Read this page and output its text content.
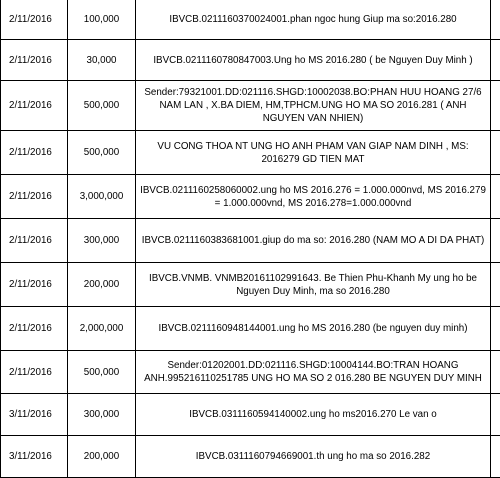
2/11/2016	100,000	IBVCB.0211160370024001.phan ngoc hung Giup ma so:2016.280	
2/11/2016	30,000	IBVCB.0211160780847003.Ung ho MS 2016.280 ( be Nguyen Duy Minh )	
2/11/2016	500,000	Sender:79321001.DD:021116.SHGD:10002038.BO:PHAN HUU HOANG 27/6 NAM LAN , X.BA DIEM, HM,TPHCM.UNG HO MA SO 2016.281 ( ANH NGUYEN VAN NHIEN)	
2/11/2016	500,000	VU CONG THOA NT UNG HO ANH PHAM VAN GIAP NAM DINH , MS: 2016279 GD TIEN MAT	
2/11/2016	3,000,000	IBVCB.0211160258060002.ung ho MS 2016.276 = 1.000.000nvd, MS 2016.279 = 1.000.000vnd, MS 2016.278=1.000.000vnd	
2/11/2016	300,000	IBVCB.0211160383681001.giup do ma so: 2016.280 (NAM MO A DI DA PHAT)	
2/11/2016	200,000	IBVCB.VNMB. VNMB20161102991643. Be Thien Phu-Khanh My ung ho be Nguyen Duy Minh, ma so 2016.280	
2/11/2016	2,000,000	IBVCB.0211160948144001.ung ho MS 2016.280 (be nguyen duy minh)	
2/11/2016	500,000	Sender:01202001.DD:021116.SHGD:10004144.BO:TRAN HOANG ANH.995216110251785 UNG HO MA SO 2 016.280 BE NGUYEN DUY MINH	
3/11/2016	300,000	IBVCB.0311160594140002.ung ho ms2016.270 Le van o	
3/11/2016	200,000	IBVCB.0311160794669001.th ung ho ma so 2016.282	
